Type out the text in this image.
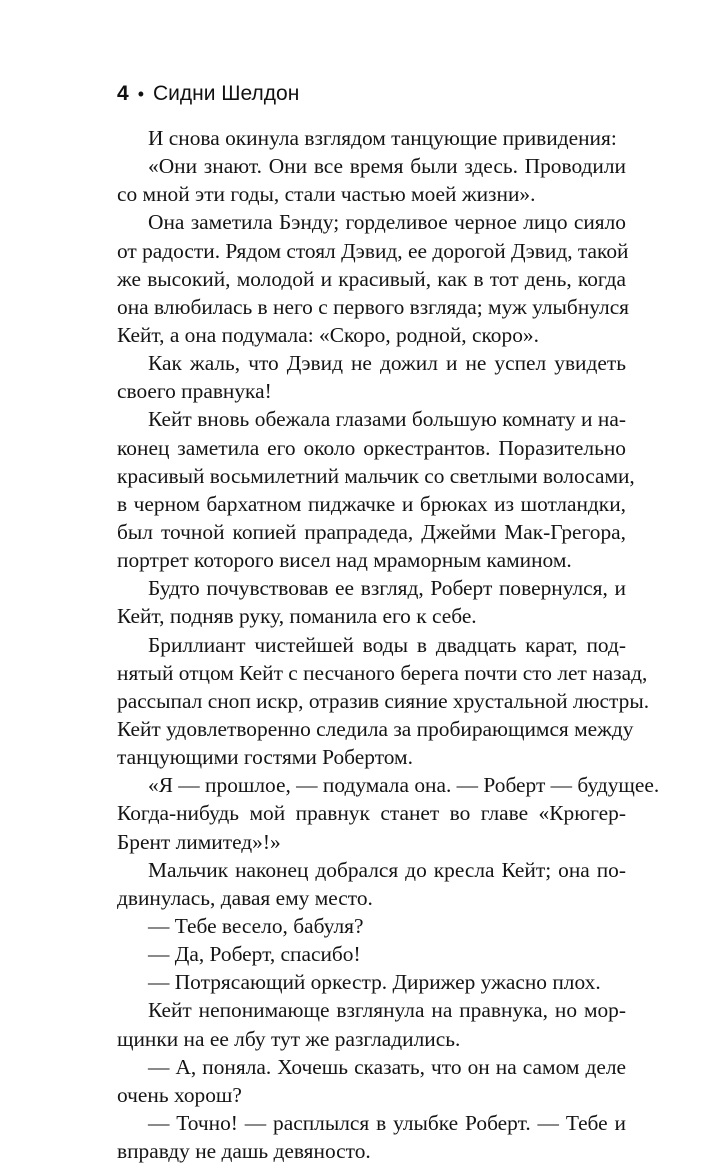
4 • Сидни Шелдон
И снова окинула взглядом танцующие привидения:
«Они знают. Они все время были здесь. Проводили
со мной эти годы, стали частью моей жизни».
Она заметила Бэнду; горделивое черное лицо сияло
от радости. Рядом стоял Дэвид, ее дорогой Дэвид, такой
же высокий, молодой и красивый, как в тот день, когда
она влюбилась в него с первого взгляда; муж улыбнулся
Кейт, а она подумала: «Скоро, родной, скоро».
Как жаль, что Дэвид не дожил и не успел увидеть
своего правнука!
Кейт вновь обежала глазами большую комнату и на-
конец заметила его около оркестрантов. Поразительно
красивый восьмилетний мальчик со светлыми волосами,
в черном бархатном пиджачке и брюках из шотландки,
был точной копией прапрадеда, Джейми Мак-Грегора,
портрет которого висел над мраморным камином.
Будто почувствовав ее взгляд, Роберт повернулся, и
Кейт, подняв руку, поманила его к себе.
Бриллиант чистейшей воды в двадцать карат, под-
нятый отцом Кейт с песчаного берега почти сто лет назад,
рассыпал сноп искр, отразив сияние хрустальной люстры.
Кейт удовлетворенно следила за пробирающимся между
танцующими гостями Робертом.
«Я — прошлое, — подумала она. — Роберт — будущее.
Когда-нибудь мой правнук станет во главе «Крюгер-
Брент лимитед»!»
Мальчик наконец добрался до кресла Кейт; она по-
двинулась, давая ему место.
— Тебе весело, бабуля?
— Да, Роберт, спасибо!
— Потрясающий оркестр. Дирижер ужасно плох.
Кейт непонимающе взглянула на правнука, но мор-
щинки на ее лбу тут же разгладились.
— А, поняла. Хочешь сказать, что он на самом деле
очень хорош?
— Точно! — расплылся в улыбке Роберт. — Тебе и
вправду не дашь девяносто.
